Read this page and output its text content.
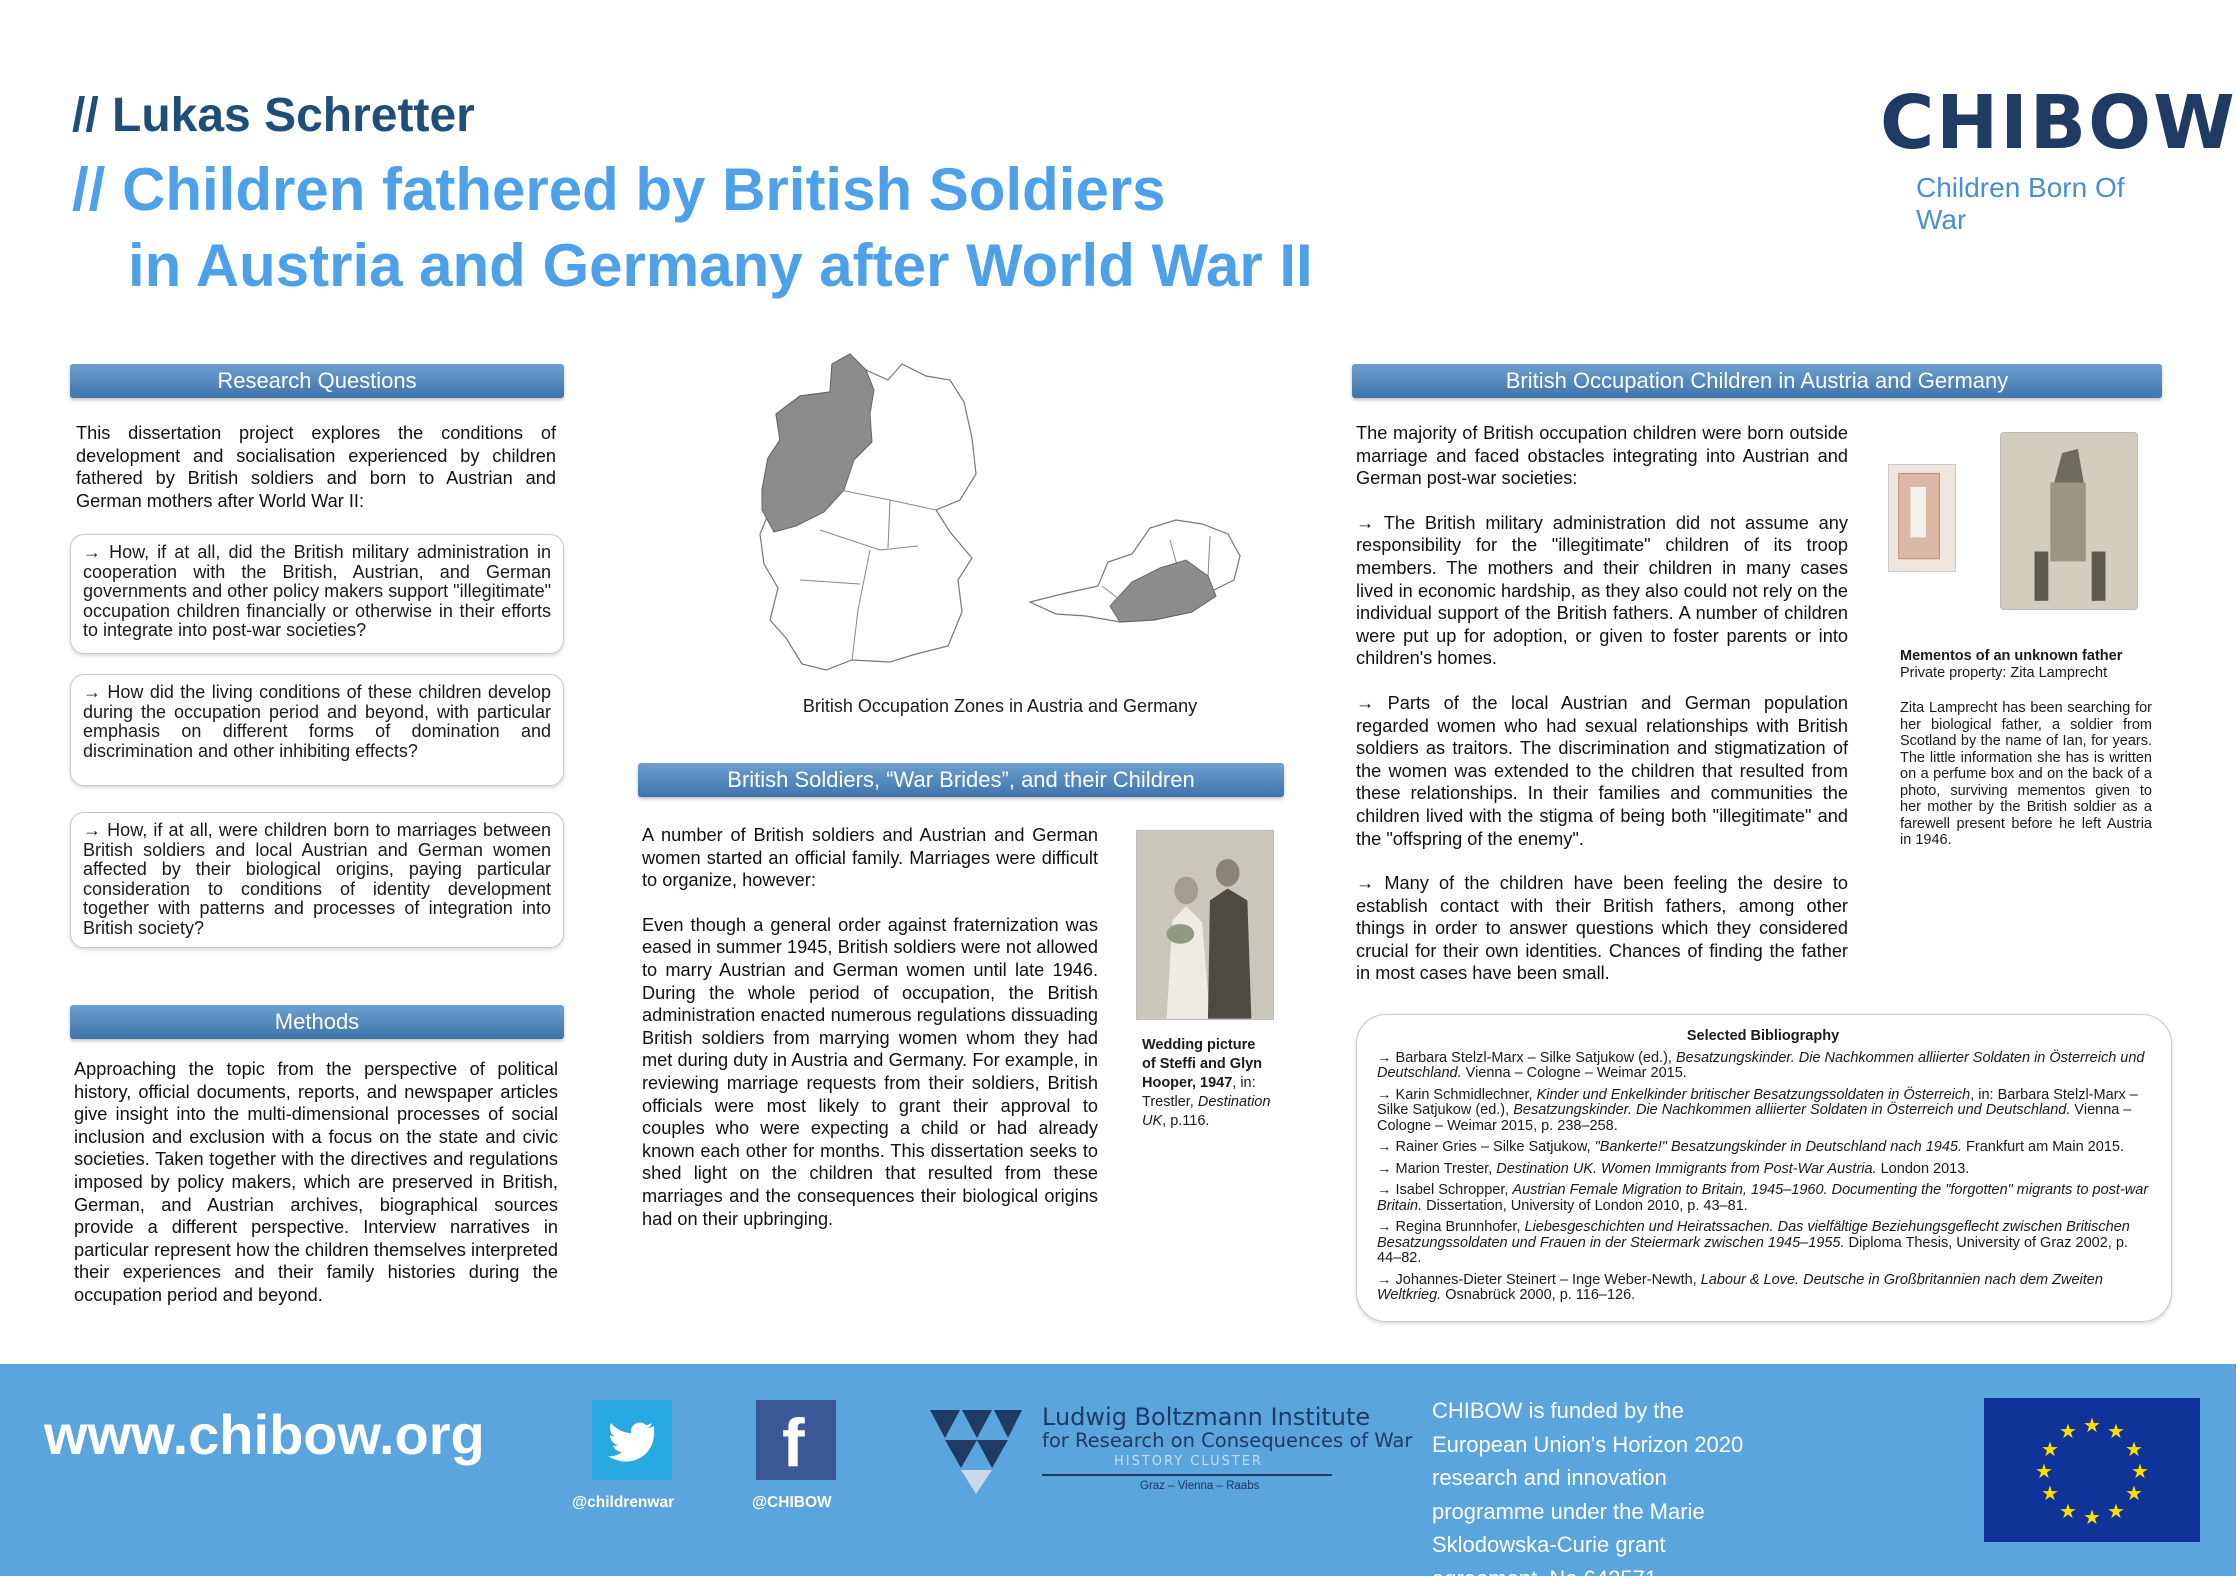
// Lukas Schretter
// Children fathered by British Soldiers
in Austria and Germany after World War II
CHIBOW
Children Born Of War
Research Questions
This dissertation project explores the conditions of development and socialisation experienced by children fathered by British soldiers and born to Austrian and German mothers after World War II:
→ How, if at all, did the British military administration in cooperation with the British, Austrian, and German governments and other policy makers support "illegitimate" occupation children financially or otherwise in their efforts to integrate into post-war societies?
→ How did the living conditions of these children develop during the occupation period and beyond, with particular emphasis on different forms of domination and discrimination and other inhibiting effects?
→ How, if at all, were children born to marriages between British soldiers and local Austrian and German women affected by their biological origins, paying particular consideration to conditions of identity development together with patterns and processes of integration into British society?
Methods
Approaching the topic from the perspective of political history, official documents, reports, and newspaper articles give insight into the multi-dimensional processes of social inclusion and exclusion with a focus on the state and civic societies. Taken together with the directives and regulations imposed by policy makers, which are preserved in British, German, and Austrian archives, biographical sources provide a different perspective. Interview narratives in particular represent how the children themselves interpreted their experiences and their family histories during the occupation period and beyond.
British Occupation Zones in Austria and Germany
British Soldiers, “War Brides”, and their Children

A number of British soldiers and Austrian and German women started an official family. Marriages were difficult to organize, however:

Even though a general order against fraternization was eased in summer 1945, British soldiers were not allowed to marry Austrian and German women until late 1946. During the whole period of occupation, the British administration enacted numerous regulations dissuading British soldiers from marrying women whom they had met during duty in Austria and Germany. For example, in reviewing marriage requests from their soldiers, British officials were most likely to grant their approval to couples who were expecting a child or had already known each other for months. This dissertation seeks to shed light on the children that resulted from these marriages and the consequences their biological origins had on their upbringing.

Wedding picture of Steffi and Glyn Hooper, 1947, in: Trestler, Destination UK, p.116.
British Occupation Children in Austria and Germany

The majority of British occupation children were born outside marriage and faced obstacles integrating into Austrian and German post-war societies:

→ The British military administration did not assume any responsibility for the "illegitimate" children of its troop members. The mothers and their children in many cases lived in economic hardship, as they also could not rely on the individual support of the British fathers. A number of children were put up for adoption, or given to foster parents or into children's homes.

→ Parts of the local Austrian and German population regarded women who had sexual relationships with British soldiers as traitors. The discrimination and stigmatization of the women was extended to the children that resulted from these relationships. In their families and communities the children lived with the stigma of being both "illegitimate" and the "offspring of the enemy".

→ Many of the children have been feeling the desire to establish contact with their British fathers, among other things in order to answer questions which they considered crucial for their own identities. Chances of finding the father in most cases have been small.

Mementos of an unknown father
Private property: Zita Lamprecht
Zita Lamprecht has been searching for her biological father, a soldier from Scotland by the name of Ian, for years. The little information she has is written on a perfume box and on the back of a photo, surviving mementos given to her mother by the British soldier as a farewell present before he left Austria in 1946.
Selected Bibliography
→ Barbara Stelzl-Marx – Silke Satjukow (ed.), Besatzungskinder. Die Nachkommen alliierter Soldaten in Österreich und Deutschland. Vienna – Cologne – Weimar 2015.
→ Karin Schmidlechner, Kinder und Enkelkinder britischer Besatzungssoldaten in Österreich, in: Barbara Stelzl-Marx – Silke Satjukow (ed.), Besatzungskinder. Die Nachkommen alliierter Soldaten in Österreich und Deutschland. Vienna – Cologne – Weimar 2015, p. 238–258.
→ Rainer Gries – Silke Satjukow, "Bankerte!" Besatzungskinder in Deutschland nach 1945. Frankfurt am Main 2015.
→ Marion Trester, Destination UK. Women Immigrants from Post-War Austria. London 2013.
→ Isabel Schropper, Austrian Female Migration to Britain, 1945–1960. Documenting the "forgotten" migrants to post-war Britain. Dissertation, University of London 2010, p. 43–81.
→ Regina Brunnhofer, Liebesgeschichten und Heiratssachen. Das vielfältige Beziehungsgeflecht zwischen Britischen Besatzungssoldaten und Frauen in der Steiermark zwischen 1945–1955. Diploma Thesis, University of Graz 2002, p. 44–82.
→ Johannes-Dieter Steinert – Inge Weber-Newth, Labour & Love. Deutsche in Großbritannien nach dem Zweiten Weltkrieg. Osnabrück 2000, p. 116–126.
www.chibow.org
@childrenwar
f
@CHIBOW
Ludwig Boltzmann Institute
for Research on Consequences of War
HISTORY CLUSTER
Graz – Vienna – Raabs
CHIBOW is funded by the European Union's Horizon 2020 research and innovation programme under the Marie Sklodowska-Curie grant agreement. No 642571
★ ★
★
★
★
★
★
★
★
★
★
★
